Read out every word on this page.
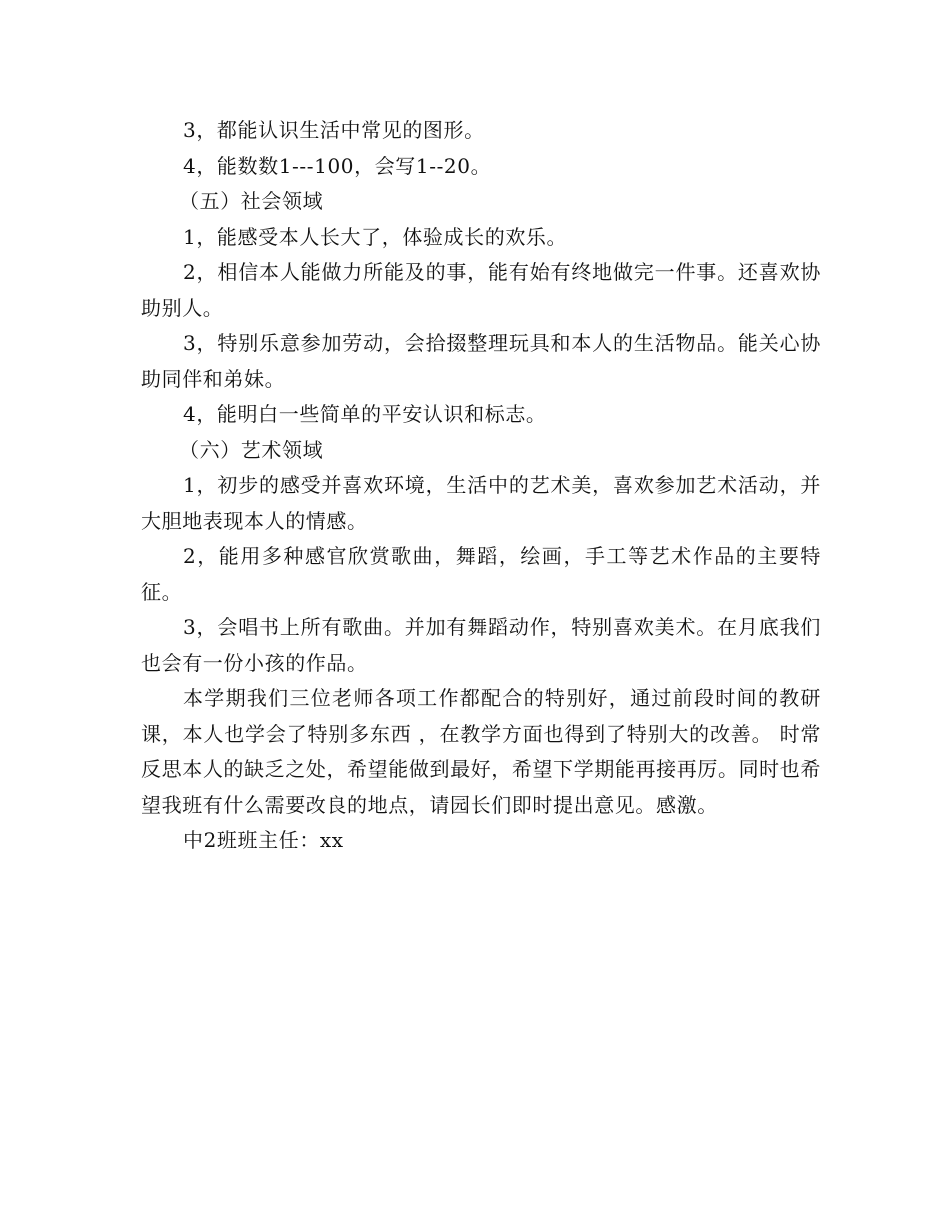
3，都能认识生活中常见的图形。

4，能数数1---100，会写1--20。

（五）社会领域

1，能感受本人长大了，体验成长的欢乐。

2，相信本人能做力所能及的事，能有始有终地做完一件事。还喜欢协助别人。

3，特别乐意参加劳动，会拾掇整理玩具和本人的生活物品。能关心协助同伴和弟妹。

4，能明白一些简单的平安认识和标志。

（六）艺术领域

1，初步的感受并喜欢环境，生活中的艺术美，喜欢参加艺术活动，并大胆地表现本人的情感。

2，能用多种感官欣赏歌曲，舞蹈，绘画，手工等艺术作品的主要特征。

3，会唱书上所有歌曲。并加有舞蹈动作，特别喜欢美术。在月底我们也会有一份小孩的作品。

本学期我们三位老师各项工作都配合的特别好，通过前段时间的教研课，本人也学会了特别多东西 ，在教学方面也得到了特别大的改善。 时常反思本人的缺乏之处，希望能做到最好，希望下学期能再接再厉。同时也希望我班有什么需要改良的地点，请园长们即时提出意见。感激。

中2班班主任：xx
